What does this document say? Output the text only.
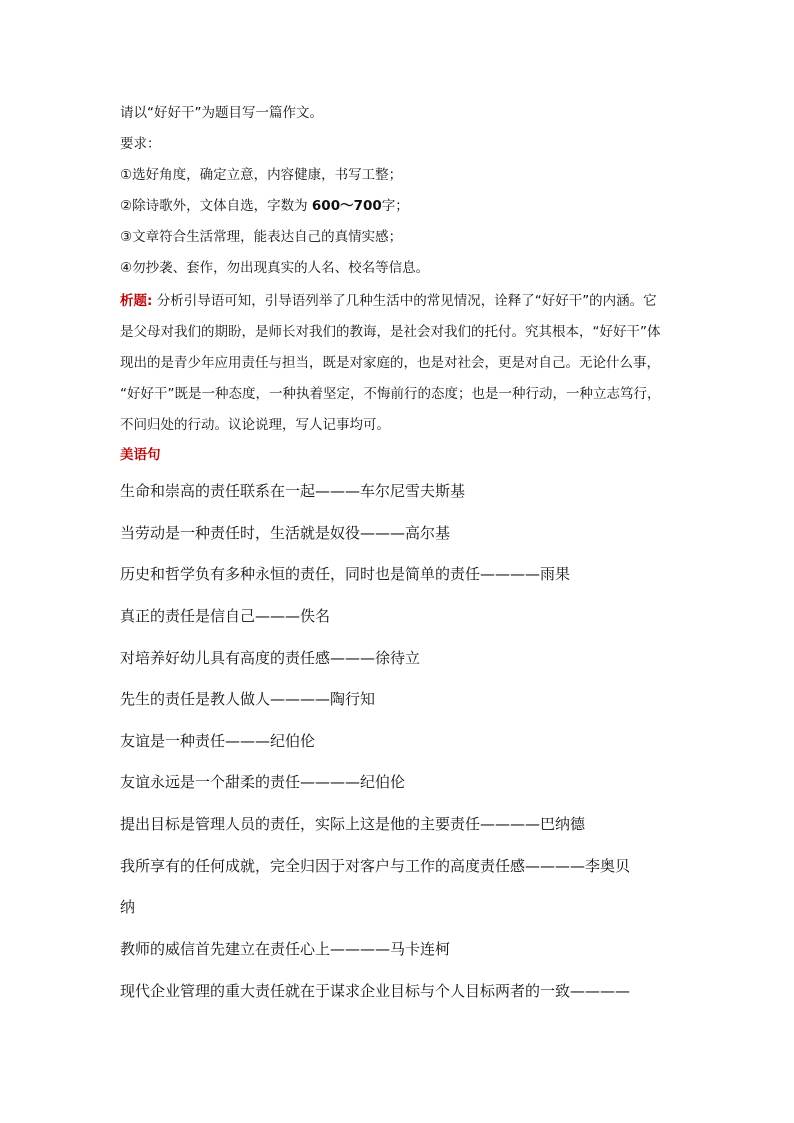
请以“好好干”为题目写一篇作文。
要求：
①选好角度，确定立意，内容健康，书写工整；
②除诗歌外，文体自选，字数为 600～700字；
③文章符合生活常理，能表达自己的真情实感；
④勿抄袭、套作，勿出现真实的人名、校名等信息。
析题: 分析引导语可知，引导语列举了几种生活中的常见情况，诠释了“好好干”的内涵。它
是父母对我们的期盼，是师长对我们的教诲，是社会对我们的托付。究其根本，“好好干”体
现出的是青少年应用责任与担当，既是对家庭的，也是对社会，更是对自己。无论什么事，
“好好干”既是一种态度，一种执着坚定，不悔前行的态度；也是一种行动，一种立志笃行，
不问归处的行动。议论说理，写人记事均可。
美语句
生命和崇高的责任联系在一起———车尔尼雪夫斯基
当劳动是一种责任时，生活就是奴役———高尔基
历史和哲学负有多种永恒的责任，同时也是简单的责任————雨果
真正的责任是信自己———佚名
对培养好幼儿具有高度的责任感———徐待立
先生的责任是教人做人————陶行知
友谊是一种责任———纪伯伦
友谊永远是一个甜柔的责任————纪伯伦
提出目标是管理人员的责任，实际上这是他的主要责任————巴纳德
我所享有的任何成就，完全归因于对客户与工作的高度责任感————李奥贝
纳
教师的威信首先建立在责任心上————马卡连柯
现代企业管理的重大责任就在于谋求企业目标与个人目标两者的一致————
